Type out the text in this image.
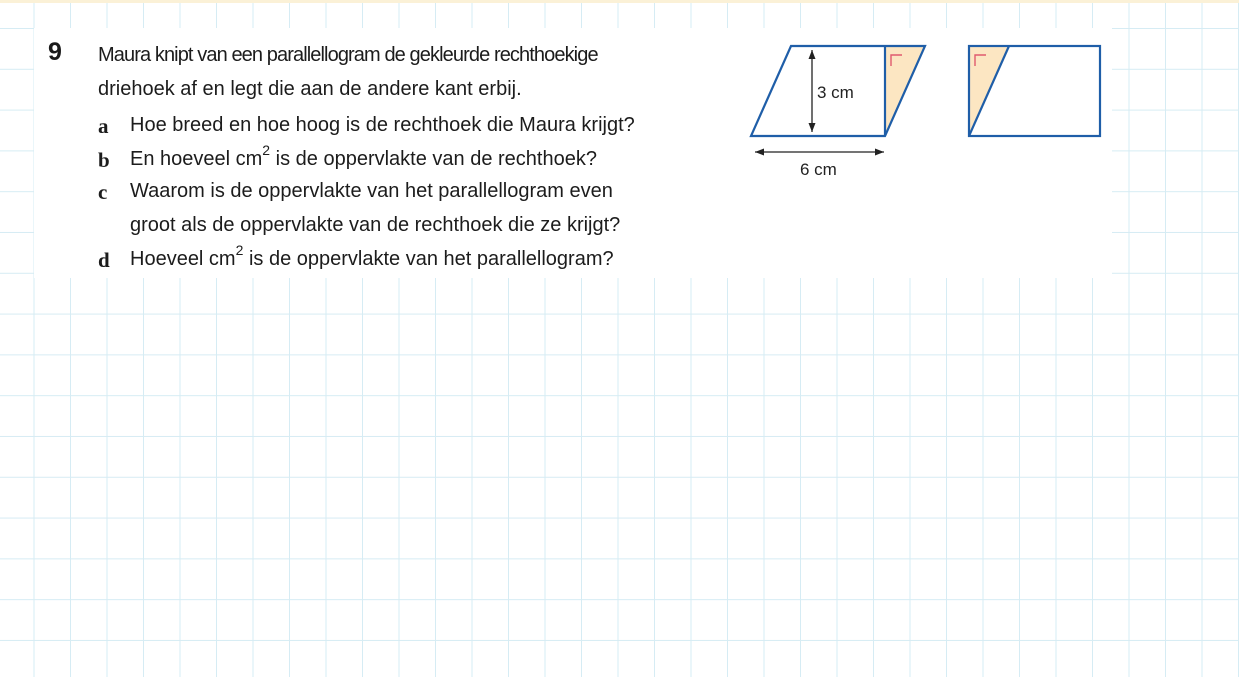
9 Maura knipt van een parallellogram de gekleurde rechthoekige
driehoek af en legt die aan de andere kant erbij.
a Hoe breed en hoe hoog is de rechthoek die Maura krijgt?
b En hoeveel $cm^2$ is de oppervlakte van de rechthoek?
c Waarom is de oppervlakte van het parallellogram even
groot als de oppervlakte van de rechthoek die ze krijgt?
d Hoeveel $cm^2$ is de oppervlakte van het parallellogram?
3 cm
6 cm
